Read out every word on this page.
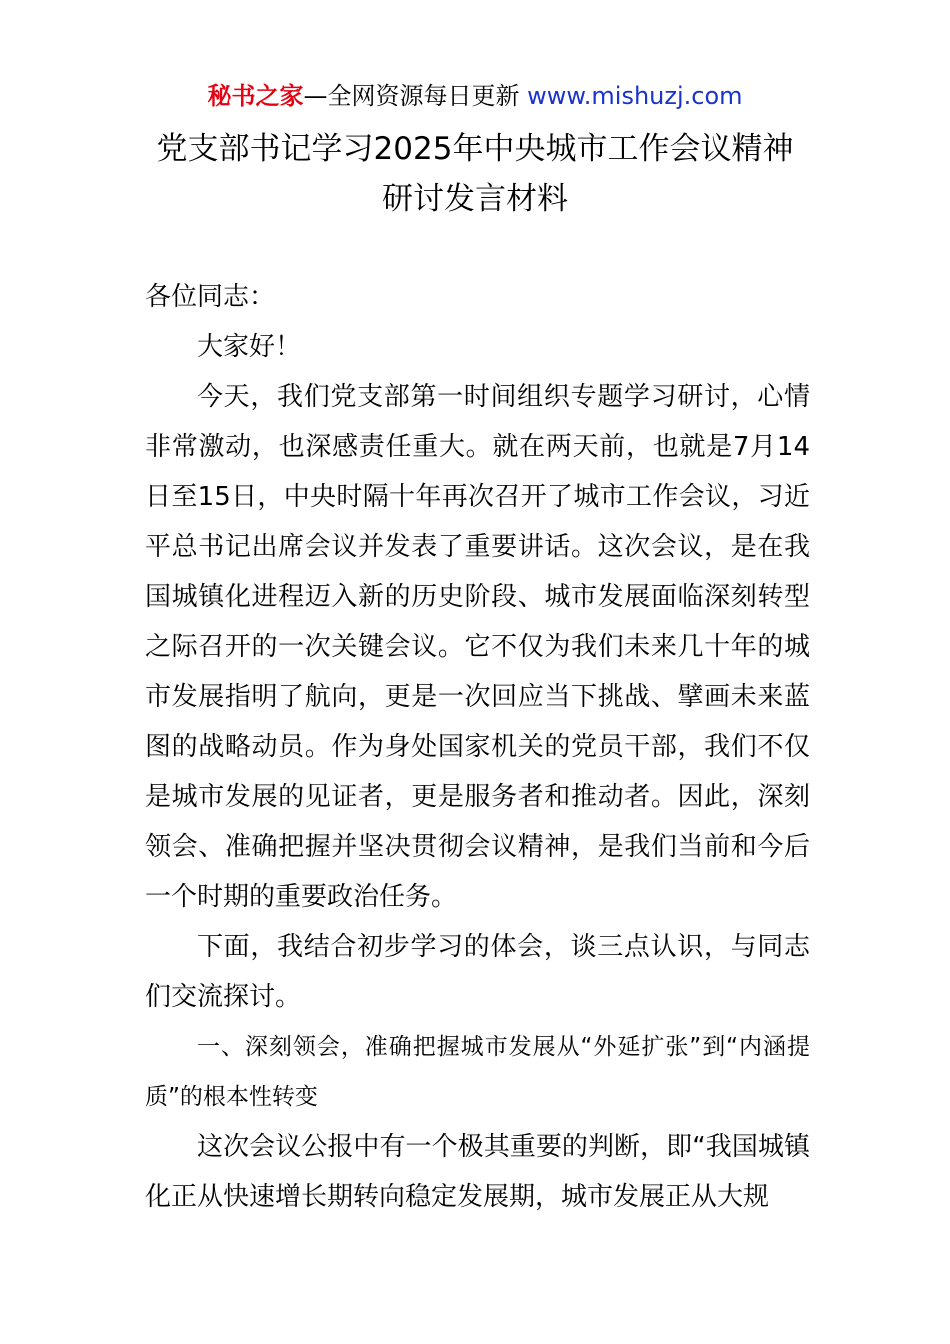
秘书之家—全网资源每日更新 www.mishuzj.com
党支部书记学习2025年中央城市工作会议精神
研讨发言材料

各位同志：

大家好！

今天，我们党支部第一时间组织专题学习研讨，心情非常激动，也深感责任重大。就在两天前，也就是7月14日至15日，中央时隔十年再次召开了城市工作会议，习近平总书记出席会议并发表了重要讲话。这次会议，是在我国城镇化进程迈入新的历史阶段、城市发展面临深刻转型之际召开的一次关键会议。它不仅为我们未来几十年的城市发展指明了航向，更是一次回应当下挑战、擘画未来蓝图的战略动员。作为身处国家机关的党员干部，我们不仅是城市发展的见证者，更是服务者和推动者。因此，深刻领会、准确把握并坚决贯彻会议精神，是我们当前和今后一个时期的重要政治任务。

下面，我结合初步学习的体会，谈三点认识，与同志们交流探讨。

一、深刻领会，准确把握城市发展从“外延扩张”到“内涵提质”的根本性转变

这次会议公报中有一个极其重要的判断，即“我国城镇化正从快速增长期转向稳定发展期，城市发展正从大规
